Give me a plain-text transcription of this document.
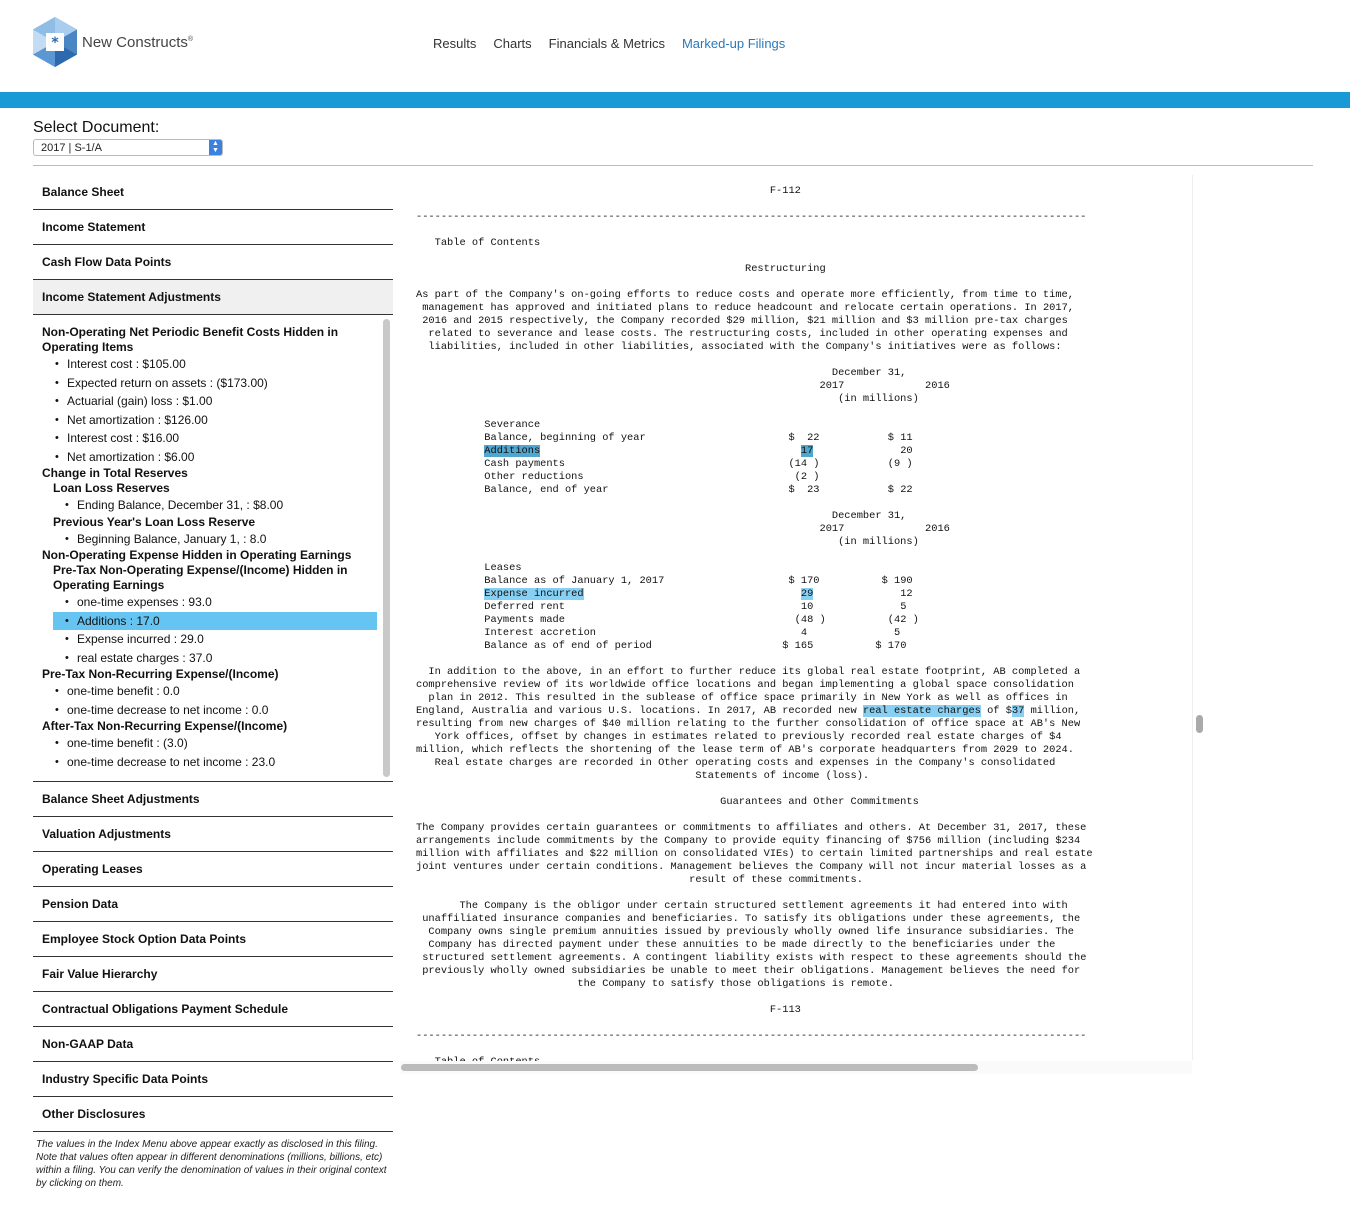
* New Constructs®	Results Charts Financials & Metrics Marked-up Filings
Select Document:
2017 | S-1/A	▲
▼
Balance Sheet
Income Statement
Cash Flow Data Points
Income Statement Adjustments
Non-Operating Net Periodic Benefit Costs Hidden in Operating Items
• Interest cost : $105.00
• Expected return on assets : ($173.00)
• Actuarial (gain) loss : $1.00
• Net amortization : $126.00
• Interest cost : $16.00
• Net amortization : $6.00
Change in Total Reserves
Loan Loss Reserves
• Ending Balance, December 31, : $8.00
Previous Year's Loan Loss Reserve
• Beginning Balance, January 1, : 8.0
Non-Operating Expense Hidden in Operating Earnings
Pre-Tax Non-Operating Expense/(Income) Hidden in Operating Earnings
• one-time expenses : 93.0
• Additions : 17.0
• Expense incurred : 29.0
• real estate charges : 37.0
Pre-Tax Non-Recurring Expense/(Income)
• one-time benefit : 0.0
• one-time decrease to net income : 0.0
After-Tax Non-Recurring Expense/(Income)
• one-time benefit : (3.0)
• one-time decrease to net income : 23.0
Balance Sheet Adjustments
Valuation Adjustments
Operating Leases
Pension Data
Employee Stock Option Data Points
Fair Value Hierarchy
Contractual Obligations Payment Schedule
Non-GAAP Data
Industry Specific Data Points
Other Disclosures
The values in the Index Menu above appear exactly as disclosed in this filing. Note that values often appear in different denominations (millions, billions, etc) within a filing. You can verify the denomination of values in their original context by clicking on them.
F-112

------------------------------------------------------------------------------------------------------------

Table of Contents

Restructuring

As part of the Company's on-going efforts to reduce costs and operate more efficiently, from time to time,
management has approved and initiated plans to reduce headcount and relocate certain operations. In 2017,
2016 and 2015 respectively, the Company recorded $29 million, $21 million and $3 million pre-tax charges
related to severance and lease costs. The restructuring costs, included in other operating expenses and
liabilities, included in other liabilities, associated with the Company's initiatives were as follows:

December 31,
2017	2016
(in millions)

Severance
Balance, beginning of year	$  22	$ 11
Additions	17	20
Cash payments	(14 )	(9 )
Other reductions	(2 )
Balance, end of year	$  23	$ 22

December 31,
2017	2016
(in millions)

Leases
Balance as of January 1, 2017	$ 170	$ 190
Expense incurred	29	12
Deferred rent	10	5
Payments made	(48 )	(42 )
Interest accretion	4	5
Balance as of end of period	$ 165	$ 170

In addition to the above, in an effort to further reduce its global real estate footprint, AB completed a
comprehensive review of its worldwide office locations and began implementing a global space consolidation
plan in 2012. This resulted in the sublease of office space primarily in New York as well as offices in
England, Australia and various U.S. locations. In 2017, AB recorded new real estate charges of $37 million,
resulting from new charges of $40 million relating to the further consolidation of office space at AB's New
York offices, offset by changes in estimates related to previously recorded real estate charges of $4
million, which reflects the shortening of the lease term of AB's corporate headquarters from 2029 to 2024.
Real estate charges are recorded in Other operating costs and expenses in the Company's consolidated
Statements of income (loss).

Guarantees and Other Commitments

The Company provides certain guarantees or commitments to affiliates and others. At December 31, 2017, these
arrangements include commitments by the Company to provide equity financing of $756 million (including $234
million with affiliates and $22 million on consolidated VIEs) to certain limited partnerships and real estate
joint ventures under certain conditions. Management believes the Company will not incur material losses as a
result of these commitments.

The Company is the obligor under certain structured settlement agreements it had entered into with
unaffiliated insurance companies and beneficiaries. To satisfy its obligations under these agreements, the
Company owns single premium annuities issued by previously wholly owned life insurance subsidiaries. The
Company has directed payment under these annuities to be made directly to the beneficiaries under the
structured settlement agreements. A contingent liability exists with respect to these agreements should the
previously wholly owned subsidiaries be unable to meet their obligations. Management believes the need for
the Company to satisfy those obligations is remote.

F-113

------------------------------------------------------------------------------------------------------------
